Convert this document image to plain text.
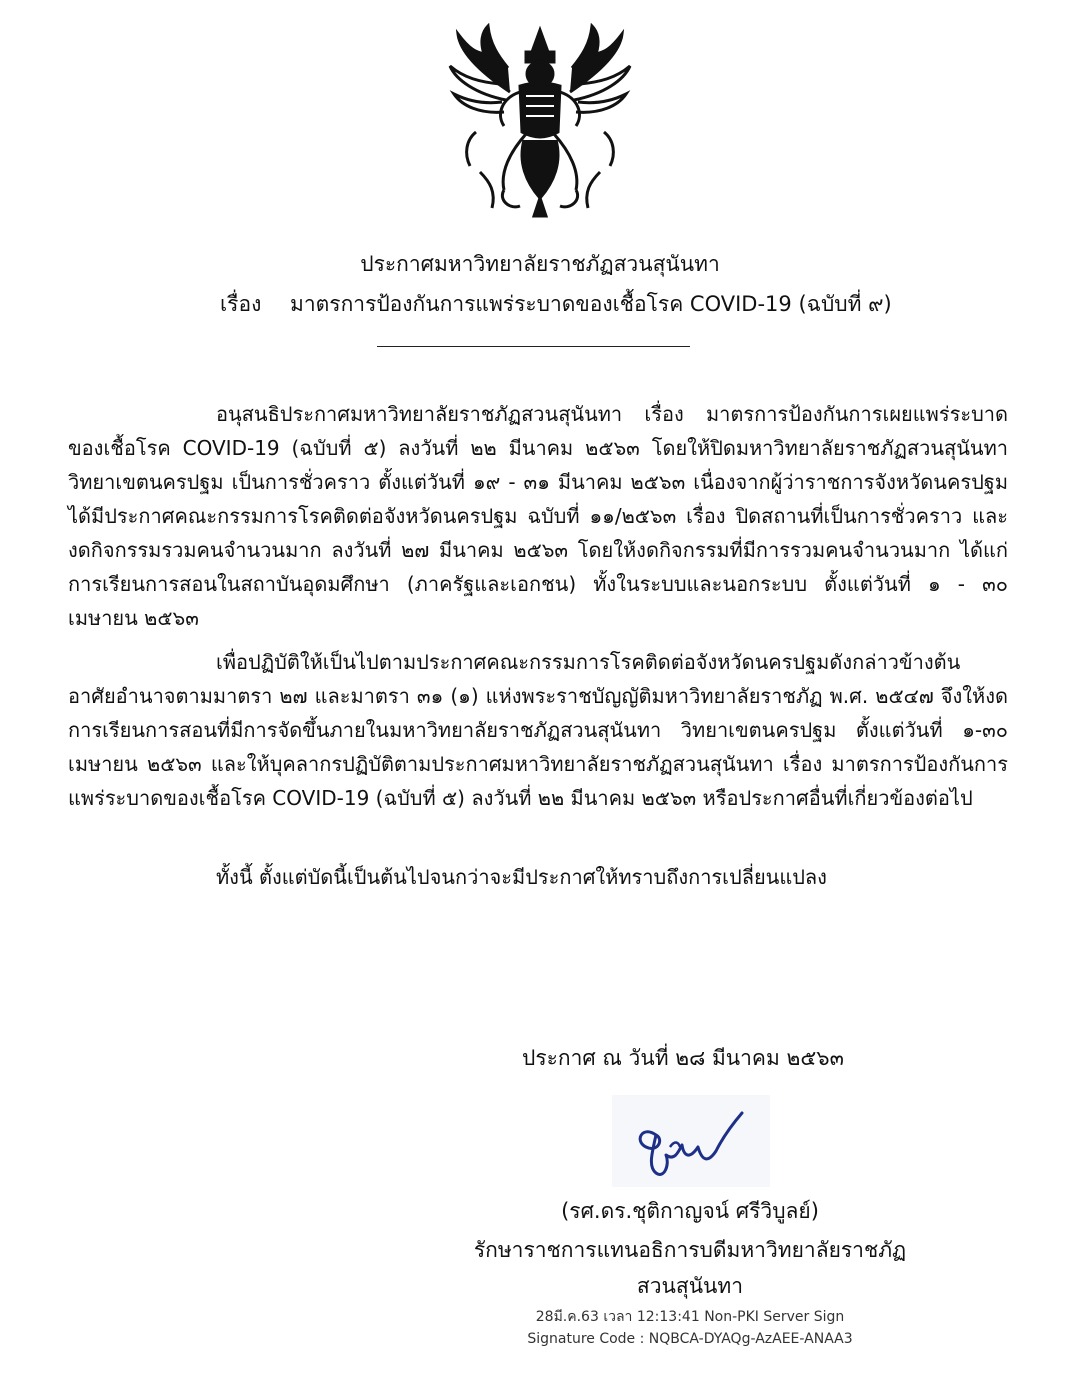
ประกาศมหาวิทยาลัยราชภัฏสวนสุนันทา
เรื่อง มาตรการป้องกันการแพร่ระบาดของเชื้อโรค COVID-19 (ฉบับที่ ๙)

อนุสนธิประกาศมหาวิทยาลัยราชภัฏสวนสุนันทา เรื่อง มาตรการป้องกันการเผยแพร่ระบาดของเชื้อโรค COVID-19 (ฉบับที่ ๕) ลงวันที่ ๒๒ มีนาคม ๒๕๖๓ โดยให้ปิดมหาวิทยาลัยราชภัฏสวนสุนันทา วิทยาเขตนครปฐม เป็นการชั่วคราว ตั้งแต่วันที่ ๑๙ - ๓๑ มีนาคม ๒๕๖๓ เนื่องจากผู้ว่าราชการจังหวัดนครปฐมได้มีประกาศคณะกรรมการโรคติดต่อจังหวัดนครปฐม ฉบับที่ ๑๑/๒๕๖๓ เรื่อง ปิดสถานที่เป็นการชั่วคราว และงดกิจกรรมรวมคนจำนวนมาก ลงวันที่ ๒๗ มีนาคม ๒๕๖๓ โดยให้งดกิจกรรมที่มีการรวมคนจำนวนมาก ได้แก่ การเรียนการสอนในสถาบันอุดมศึกษา (ภาครัฐและเอกชน) ทั้งในระบบและนอกระบบ ตั้งแต่วันที่ ๑ - ๓๐ เมษายน ๒๕๖๓

เพื่อปฏิบัติให้เป็นไปตามประกาศคณะกรรมการโรคติดต่อจังหวัดนครปฐมดังกล่าวข้างต้น อาศัยอำนาจตามมาตรา ๒๗ และมาตรา ๓๑ (๑) แห่งพระราชบัญญัติมหาวิทยาลัยราชภัฏ พ.ศ. ๒๕๔๗ จึงให้งดการเรียนการสอนที่มีการจัดขึ้นภายในมหาวิทยาลัยราชภัฏสวนสุนันทา วิทยาเขตนครปฐม ตั้งแต่วันที่ ๑-๓๐ เมษายน ๒๕๖๓ และให้บุคลากรปฏิบัติตามประกาศมหาวิทยาลัยราชภัฏสวนสุนันทา เรื่อง มาตรการป้องกันการแพร่ระบาดของเชื้อโรค COVID-19 (ฉบับที่ ๕) ลงวันที่ ๒๒ มีนาคม ๒๕๖๓ หรือประกาศอื่นที่เกี่ยวข้องต่อไป

ทั้งนี้ ตั้งแต่บัดนี้เป็นต้นไปจนกว่าจะมีประกาศให้ทราบถึงการเปลี่ยนแปลง

ประกาศ ณ วันที่ ๒๘ มีนาคม ๒๕๖๓
(รศ.ดร.ชุติกาญจน์ ศรีวิบูลย์)
รักษาราชการแทนอธิการบดีมหาวิทยาลัยราชภัฏ
สวนสุนันทา
28มี.ค.63 เวลา 12:13:41 Non-PKI Server Sign
Signature Code : NQBCA-DYAQg-AzAEE-ANAA3
